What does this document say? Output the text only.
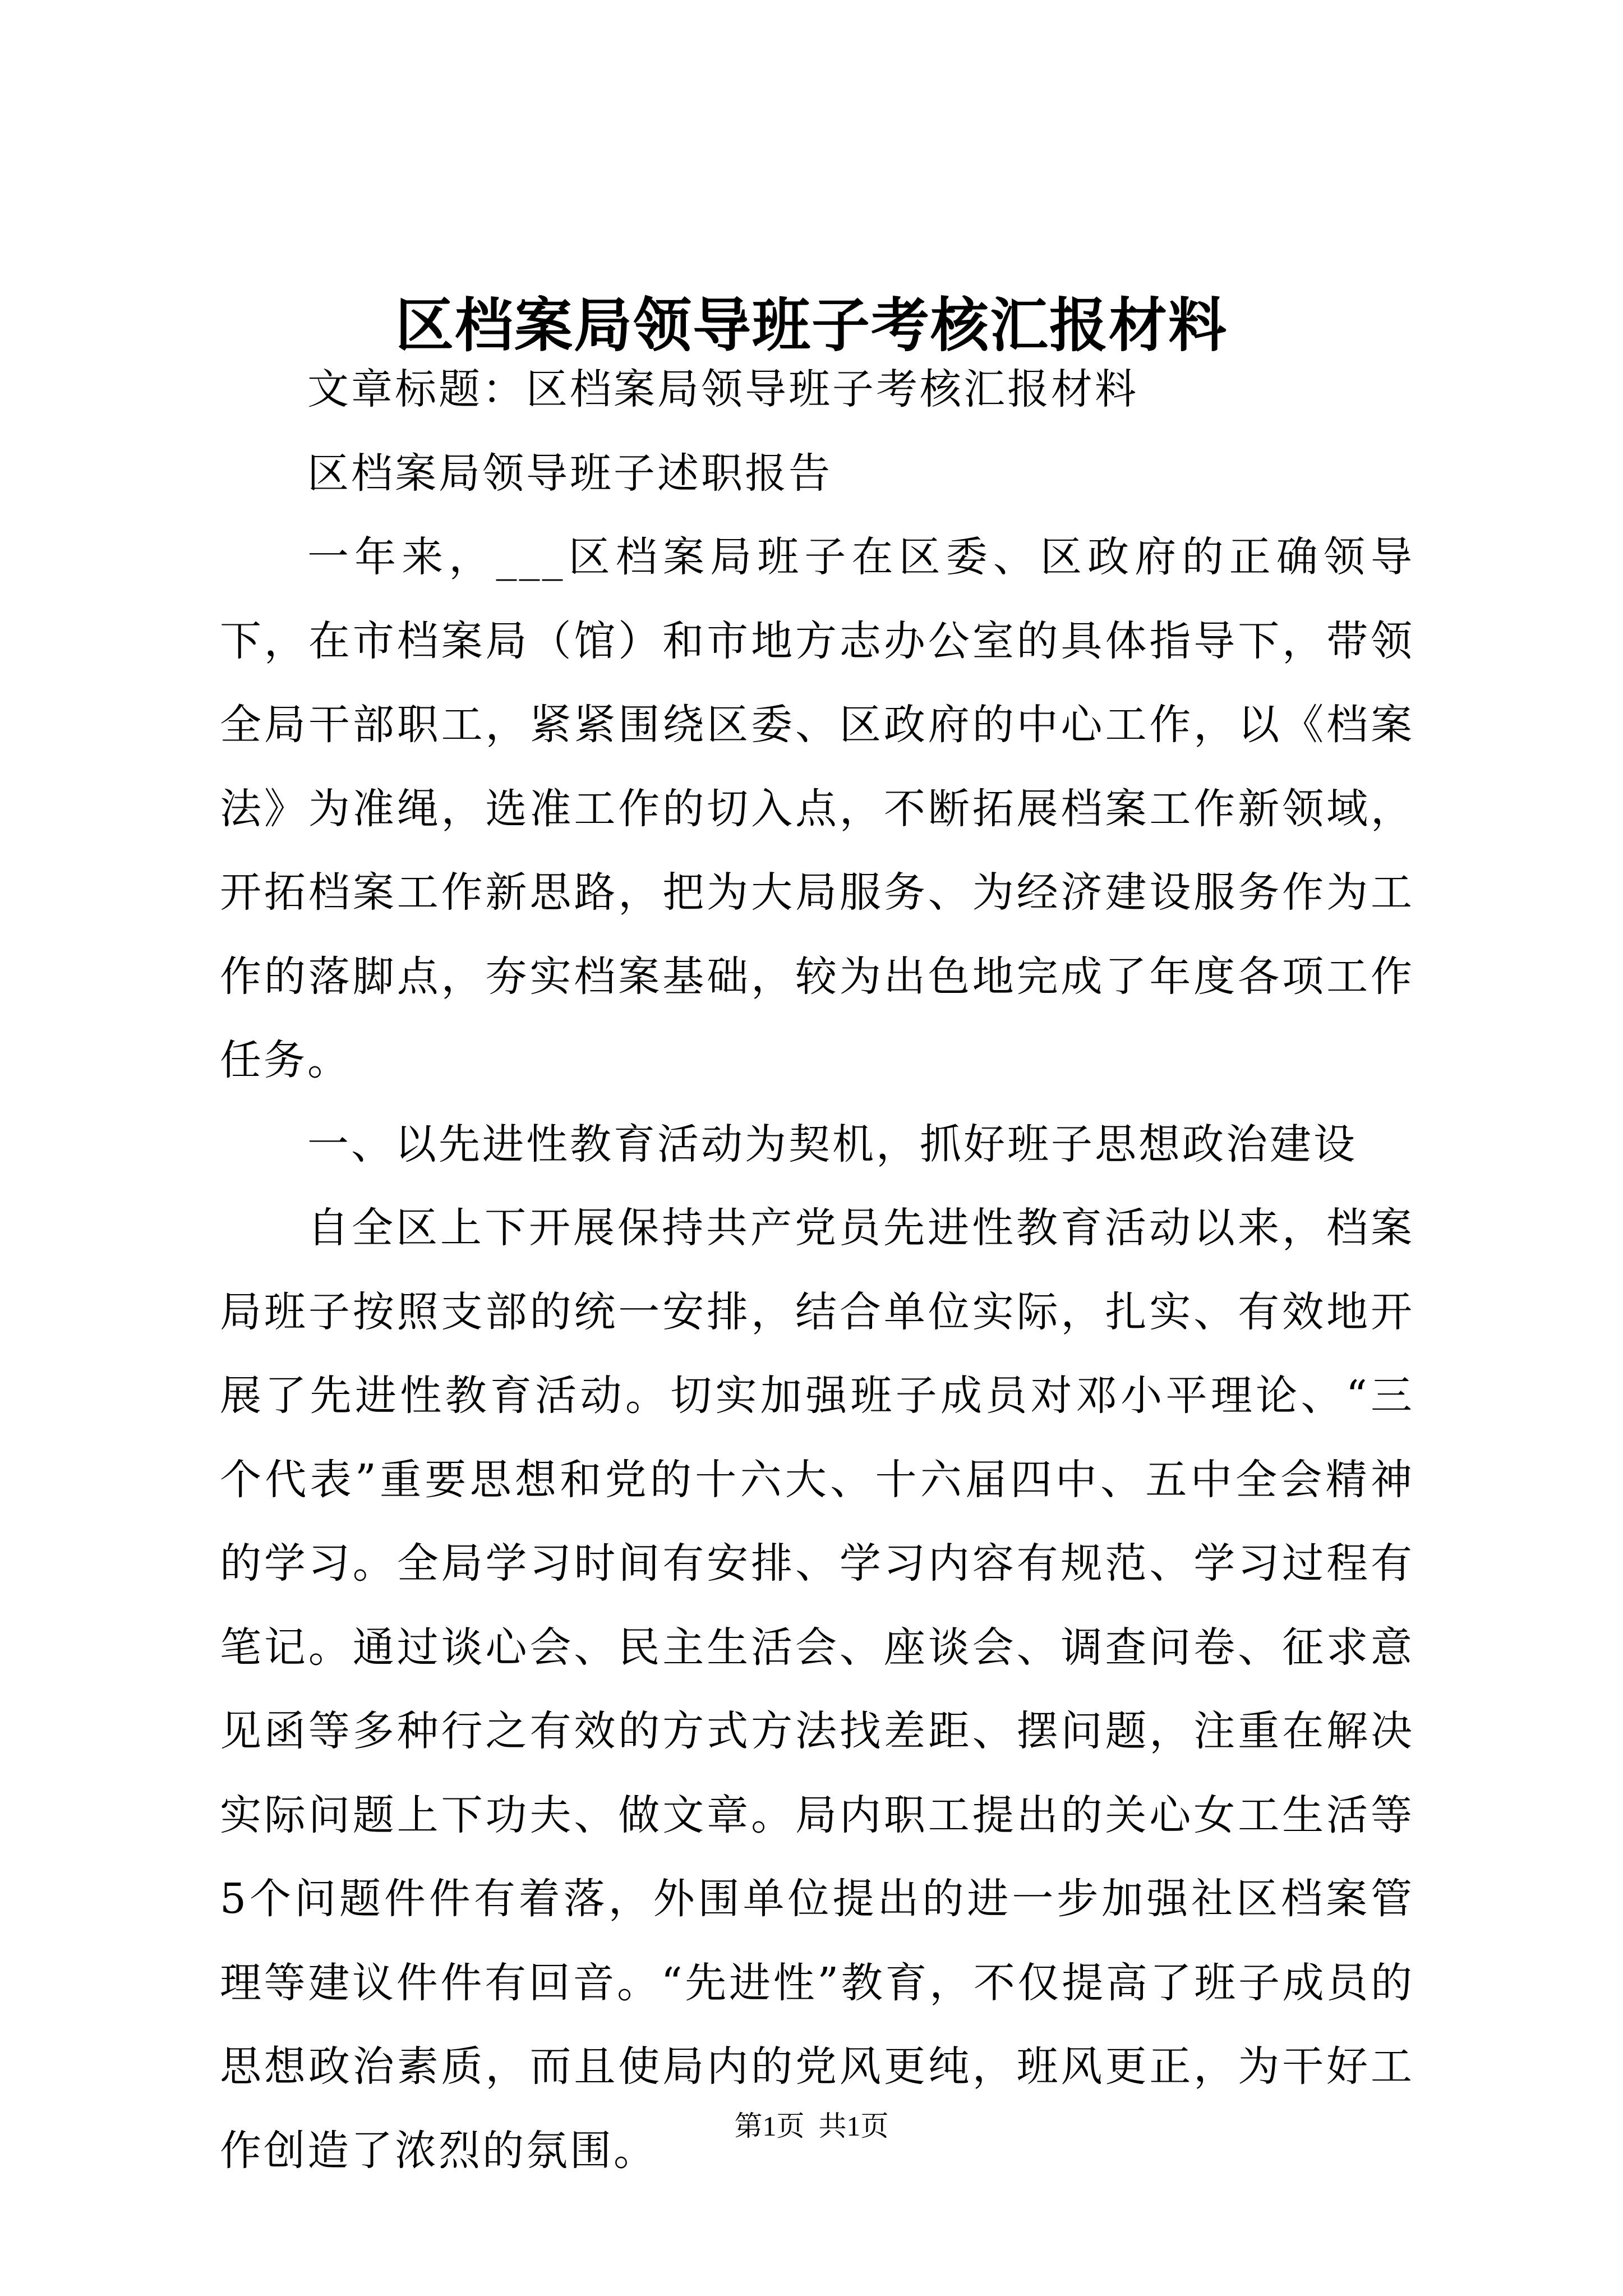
区档案局领导班子考核汇报材料

文章标题：区档案局领导班子考核汇报材料

区档案局领导班子述职报告

一年来，___区档案局班子在区委、区政府的正确领导下，在市档案局（馆）和市地方志办公室的具体指导下，带领全局干部职工，紧紧围绕区委、区政府的中心工作，以《档案法》为准绳，选准工作的切入点，不断拓展档案工作新领域，开拓档案工作新思路，把为大局服务、为经济建设服务作为工作的落脚点，夯实档案基础，较为出色地完成了年度各项工作任务。

一、以先进性教育活动为契机，抓好班子思想政治建设

自全区上下开展保持共产党员先进性教育活动以来，档案局班子按照支部的统一安排，结合单位实际，扎实、有效地开展了先进性教育活动。切实加强班子成员对邓小平理论、“三个代表”重要思想和党的十六大、十六届四中、五中全会精神的学习。全局学习时间有安排、学习内容有规范、学习过程有笔记。通过谈心会、民主生活会、座谈会、调查问卷、征求意见函等多种行之有效的方式方法找差距、摆问题，注重在解决实际问题上下功夫、做文章。局内职工提出的关心女工生活等5个问题件件有着落，外围单位提出的进一步加强社区档案管理等建议件件有回音。“先进性”教育，不仅提高了班子成员的思想政治素质，而且使局内的党风更纯，班风更正，为干好工作创造了浓烈的氛围。

第1页  共1页
